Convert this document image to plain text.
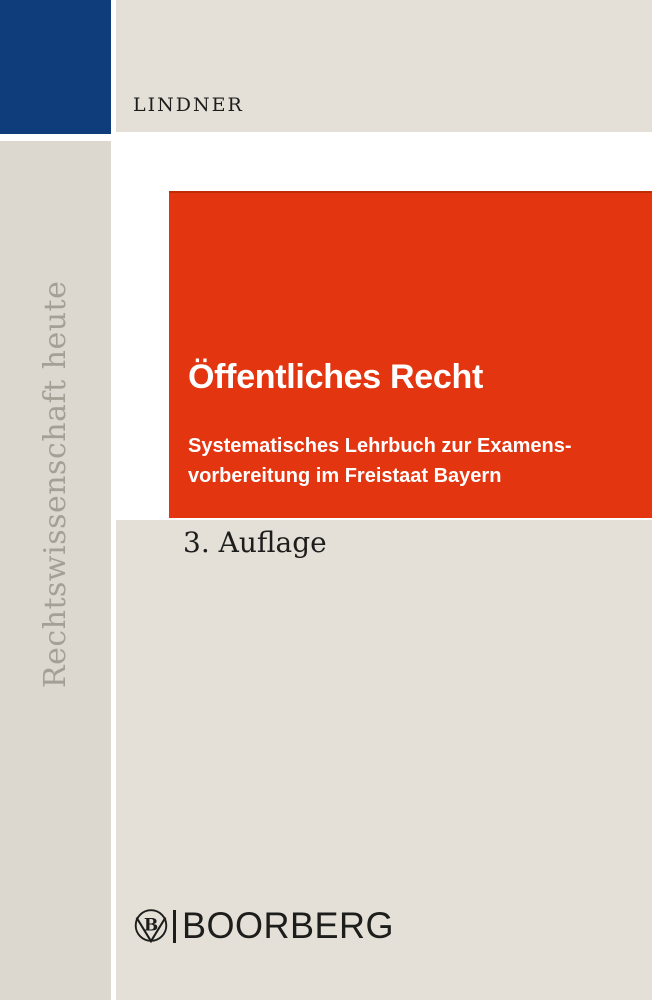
Rechtswissenschaft heute
LINDNER
Öffentliches Recht
Systematisches Lehrbuch zur Examens-
vorbereitung im Freistaat Bayern
3. Auflage
B BOORBERG
